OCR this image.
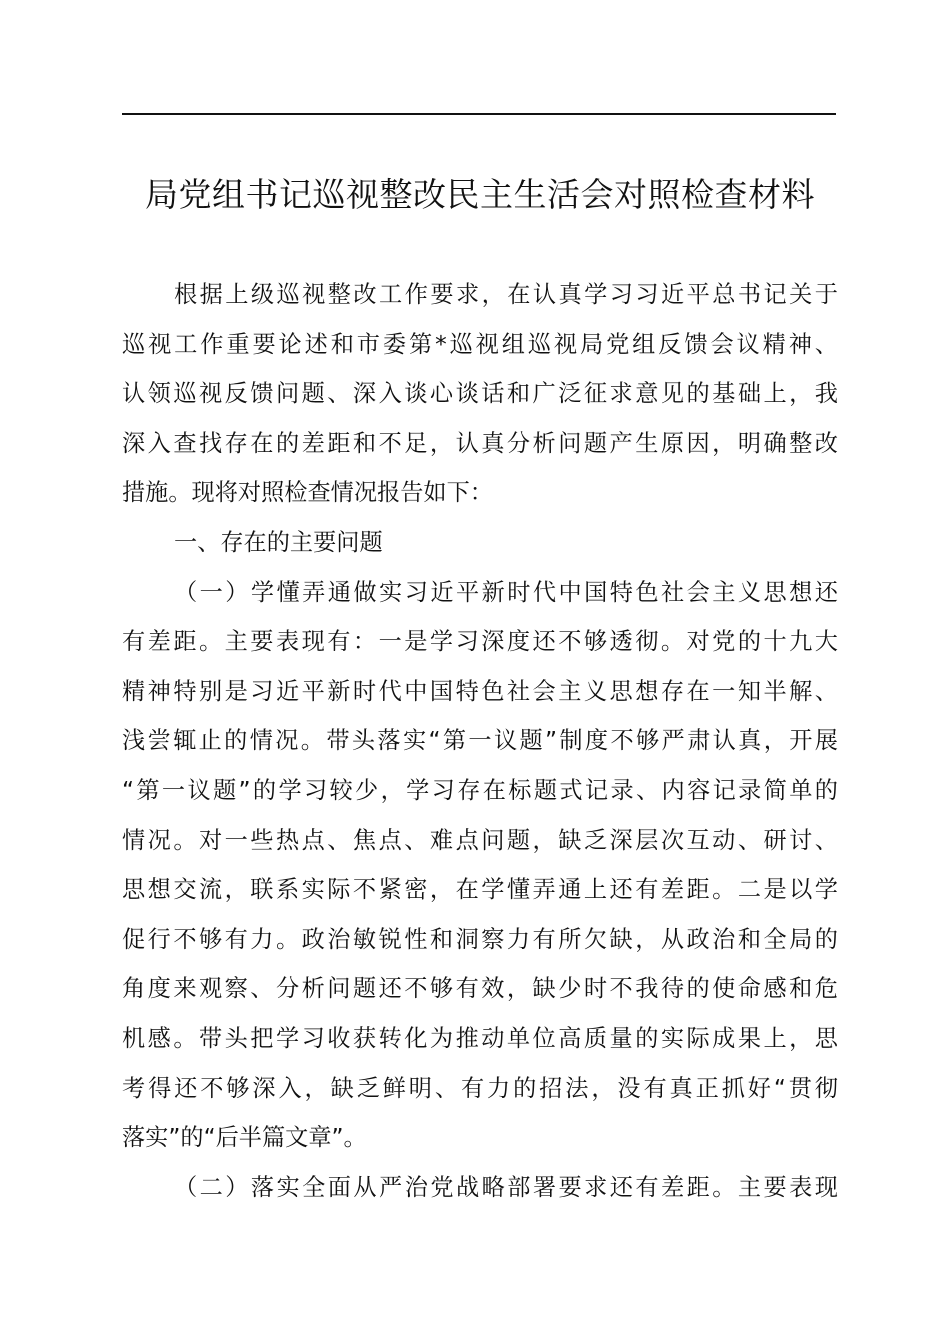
局党组书记巡视整改民主生活会对照检查材料
根据上级巡视整改工作要求，在认真学习习近平总书记关于
巡视工作重要论述和市委第*巡视组巡视局党组反馈会议精神、
认领巡视反馈问题、深入谈心谈话和广泛征求意见的基础上，我
深入查找存在的差距和不足，认真分析问题产生原因，明确整改
措施。现将对照检查情况报告如下：
一、存在的主要问题
（一）学懂弄通做实习近平新时代中国特色社会主义思想还
有差距。主要表现有：一是学习深度还不够透彻。对党的十九大
精神特别是习近平新时代中国特色社会主义思想存在一知半解、
浅尝辄止的情况。带头落实“第一议题”制度不够严肃认真，开展
“第一议题”的学习较少，学习存在标题式记录、内容记录简单的
情况。对一些热点、焦点、难点问题，缺乏深层次互动、研讨、
思想交流，联系实际不紧密，在学懂弄通上还有差距。二是以学
促行不够有力。政治敏锐性和洞察力有所欠缺，从政治和全局的
角度来观察、分析问题还不够有效，缺少时不我待的使命感和危
机感。带头把学习收获转化为推动单位高质量的实际成果上，思
考得还不够深入，缺乏鲜明、有力的招法，没有真正抓好“贯彻
落实”的“后半篇文章”。
（二）落实全面从严治党战略部署要求还有差距。主要表现
